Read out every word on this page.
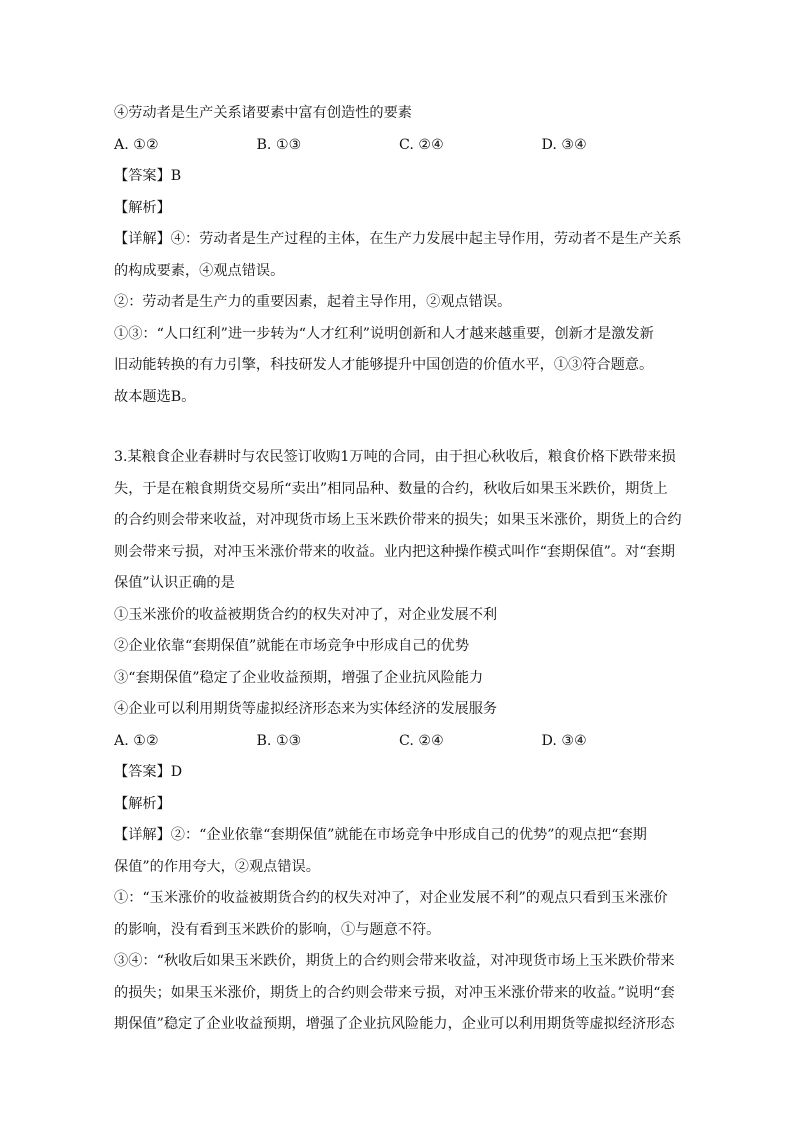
④劳动者是生产关系诸要素中富有创造性的要素
A. ①②	B. ①③	C. ②④	D. ③④
【答案】B
【解析】
【详解】④：劳动者是生产过程的主体，在生产力发展中起主导作用，劳动者不是生产关系
的构成要素，④观点错误。
②：劳动者是生产力的重要因素，起着主导作用，②观点错误。
①③：“人口红利”进一步转为“人才红利”说明创新和人才越来越重要，创新才是激发新
旧动能转换的有力引擎，科技研发人才能够提升中国创造的价值水平，①③符合题意。
故本题选B。
3.某粮食企业春耕时与农民签订收购1万吨的合同，由于担心秋收后，粮食价格下跌带来损
失，于是在粮食期货交易所“卖出”相同品种、数量的合约，秋收后如果玉米跌价，期货上
的合约则会带来收益，对冲现货市场上玉米跌价带来的损失；如果玉米涨价，期货上的合约
则会带来亏损，对冲玉米涨价带来的收益。业内把这种操作模式叫作“套期保值”。对“套期
保值”认识正确的是
①玉米涨价的收益被期货合约的权失对冲了，对企业发展不利
②企业依靠“套期保值”就能在市场竞争中形成自己的优势
③“套期保值”稳定了企业收益预期，增强了企业抗风险能力
④企业可以利用期货等虚拟经济形态来为实体经济的发展服务
A. ①②	B. ①③	C. ②④	D. ③④
【答案】D
【解析】
【详解】②：“企业依靠“套期保值”就能在市场竞争中形成自己的优势”的观点把“套期
保值”的作用夸大，②观点错误。
①：“玉米涨价的收益被期货合约的权失对冲了，对企业发展不利”的观点只看到玉米涨价
的影响，没有看到玉米跌价的影响，①与题意不符。
③④：“秋收后如果玉米跌价，期货上的合约则会带来收益，对冲现货市场上玉米跌价带来
的损失；如果玉米涨价，期货上的合约则会带来亏损，对冲玉米涨价带来的收益。”说明“套
期保值”稳定了企业收益预期，增强了企业抗风险能力，企业可以利用期货等虚拟经济形态
